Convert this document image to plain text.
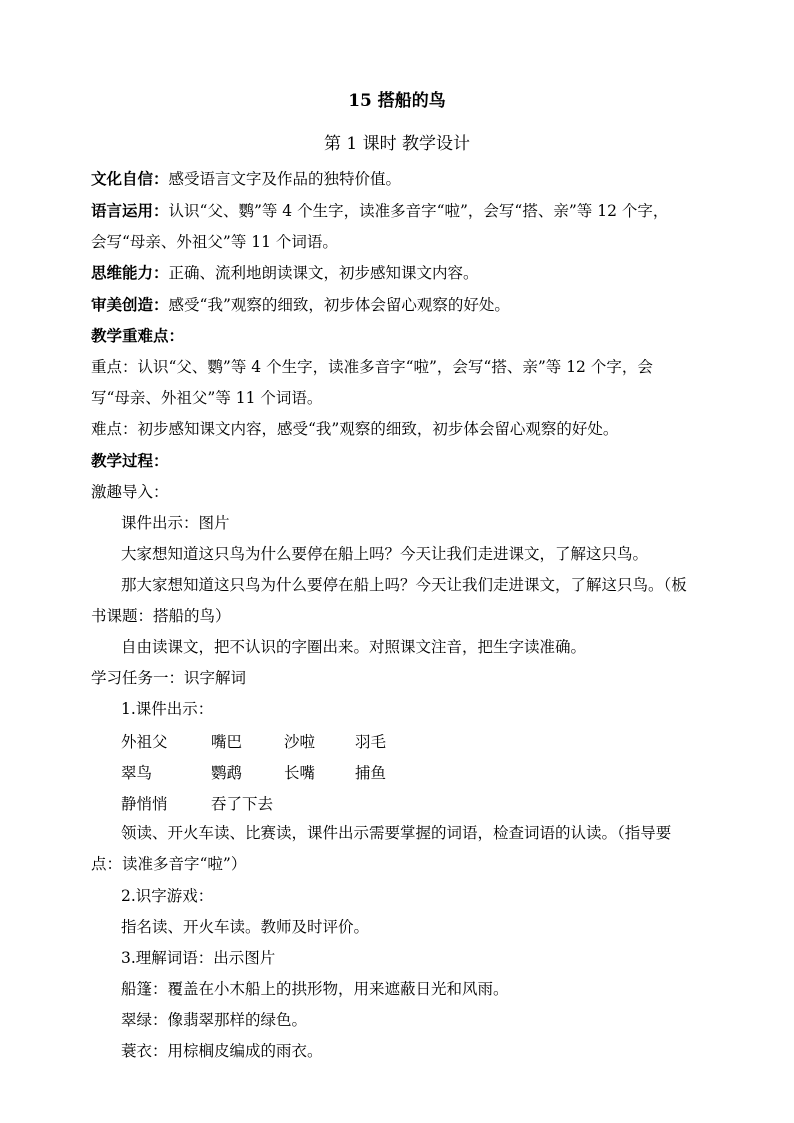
15 搭船的鸟
第 1 课时 教学设计
文化自信：感受语言文字及作品的独特价值。
语言运用：认识“父、鹦”等 4 个生字，读准多音字“啦”，会写“搭、亲”等 12 个字，
会写“母亲、外祖父”等 11 个词语。
思维能力：正确、流利地朗读课文，初步感知课文内容。
审美创造：感受“我”观察的细致，初步体会留心观察的好处。
教学重难点：
重点：认识“父、鹦”等 4 个生字，读准多音字“啦”，会写“搭、亲”等 12 个字，会
写“母亲、外祖父”等 11 个词语。
难点：初步感知课文内容，感受“我”观察的细致，初步体会留心观察的好处。
教学过程：
激趣导入：
课件出示：图片
大家想知道这只鸟为什么要停在船上吗？今天让我们走进课文，了解这只鸟。
那大家想知道这只鸟为什么要停在船上吗？今天让我们走进课文，了解这只鸟。（板
书课题：搭船的鸟）
自由读课文，把不认识的字圈出来。对照课文注音，把生字读准确。
学习任务一：识字解词
1.课件出示：
外祖父	嘴巴	沙啦	羽毛
翠鸟	鹦鹉	长嘴	捕鱼
静悄悄	吞了下去
领读、开火车读、比赛读，课件出示需要掌握的词语，检查词语的认读。（指导要
点：读准多音字“啦”）
2.识字游戏：
指名读、开火车读。教师及时评价。
3.理解词语：出示图片
船篷：覆盖在小木船上的拱形物，用来遮蔽日光和风雨。
翠绿：像翡翠那样的绿色。
蓑衣：用棕榈皮编成的雨衣。
